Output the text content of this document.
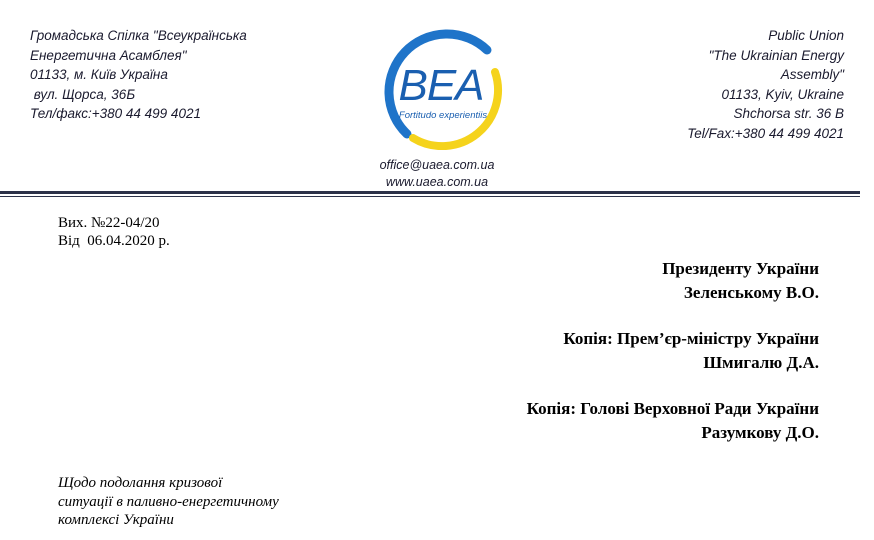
Громадська Спілка "Всеукраїнська
Енергетична Асамблея"
01133, м. Київ Україна
вул. Щорса, 36Б
Тел/факс:+380 44 499 4021
ВЕА
Fortitudo experientiis
office@uaea.com.ua
www.uaea.com.ua
Public Union
"The Ukrainian Energy
Assembly"
01133, Kyiv, Ukraine
Shchorsa str. 36 B
Tel/Fax:+380 44 499 4021
Вих. №22-04/20
Від  06.04.2020 р.
Президенту України
Зеленському В.О.
Копія: Прем’єр-міністру України
Шмигалю Д.А.
Копія: Голові Верховної Ради України
Разумкову Д.О.
Щодо подолання кризової
ситуації в паливно-енергетичному
комплексі України
